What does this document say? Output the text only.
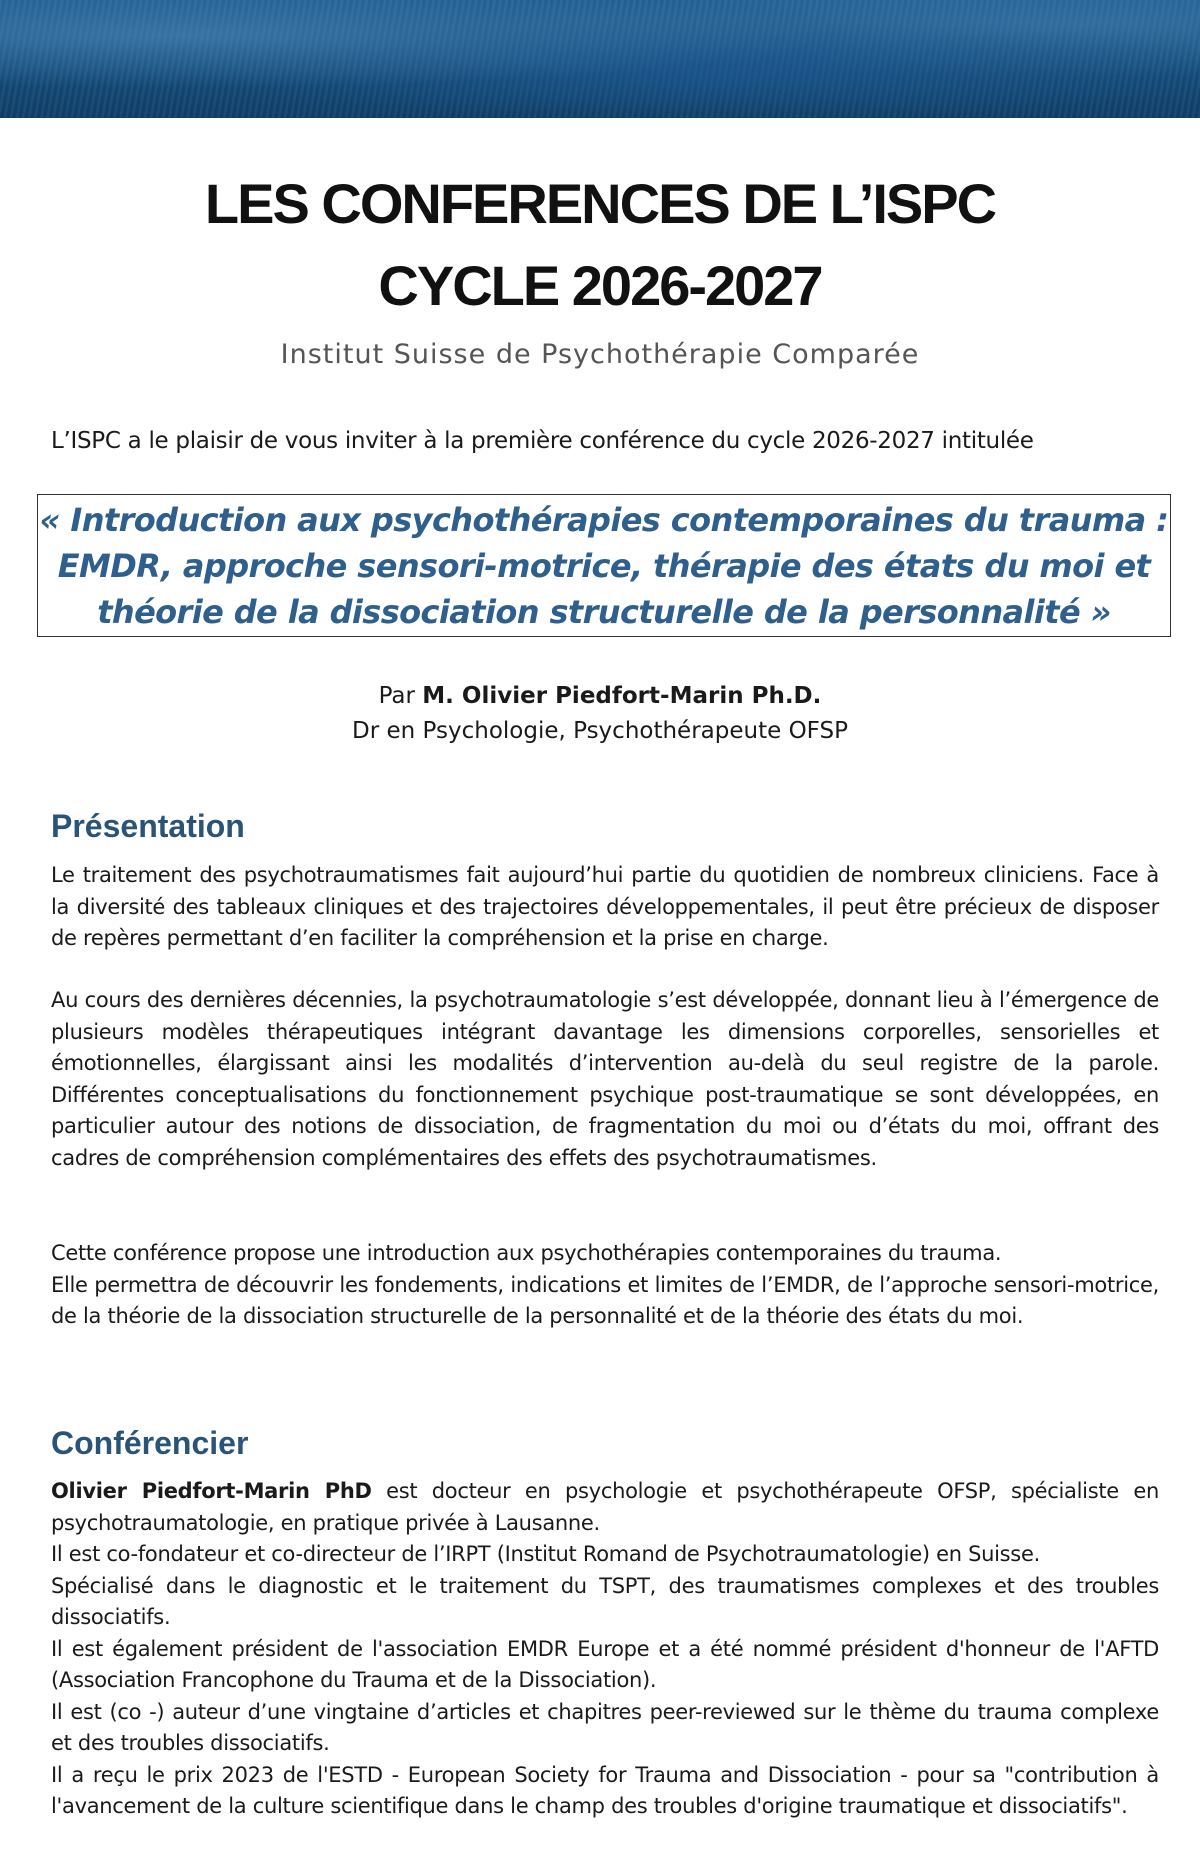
LES CONFERENCES DE L’ISPC
CYCLE 2026-2027
Institut Suisse de Psychothérapie Comparée
L’ISPC a le plaisir de vous inviter à la première conférence du cycle 2026-2027 intitulée
« Introduction aux psychothérapies contemporaines du trauma :
EMDR, approche sensori-motrice, thérapie des états du moi et
théorie de la dissociation structurelle de la personnalité »
Par M. Olivier Piedfort-Marin Ph.D.
Dr en Psychologie, Psychothérapeute OFSP
Présentation

Le traitement des psychotraumatismes fait aujourd’hui partie du quotidien de nombreux cliniciens. Face à la diversité des tableaux cliniques et des trajectoires développementales, il peut être précieux de disposer de repères permettant d’en faciliter la compréhension et la prise en charge.

Au cours des dernières décennies, la psychotraumatologie s’est développée, donnant lieu à l’émergence de plusieurs modèles thérapeutiques intégrant davantage les dimensions corporelles, sensorielles et émotionnelles, élargissant ainsi les modalités d’intervention au-delà du seul registre de la parole. Différentes conceptualisations du fonctionnement psychique post-traumatique se sont développées, en particulier autour des notions de dissociation, de fragmentation du moi ou d’états du moi, offrant des cadres de compréhension complémentaires des effets des psychotraumatismes.

Cette conférence propose une introduction aux psychothérapies contemporaines du trauma.
Elle permettra de découvrir les fondements, indications et limites de l’EMDR, de l’approche sensori-motrice, de la théorie de la dissociation structurelle de la personnalité et de la théorie des états du moi.

Conférencier

Olivier Piedfort-Marin PhD est docteur en psychologie et psychothérapeute OFSP, spécialiste en psychotraumatologie, en pratique privée à Lausanne.
Il est co-fondateur et co-directeur de l’IRPT (Institut Romand de Psychotraumatologie) en Suisse.
Spécialisé dans le diagnostic et le traitement du TSPT, des traumatismes complexes et des troubles dissociatifs.
Il est également président de l'association EMDR Europe et a été nommé président d'honneur de l'AFTD (Association Francophone du Trauma et de la Dissociation).
Il est (co -) auteur d’une vingtaine d’articles et chapitres peer-reviewed sur le thème du trauma complexe et des troubles dissociatifs.
Il a reçu le prix 2023 de l'ESTD - European Society for Trauma and Dissociation - pour sa "contribution à l'avancement de la culture scientifique dans le champ des troubles d'origine traumatique et dissociatifs".
